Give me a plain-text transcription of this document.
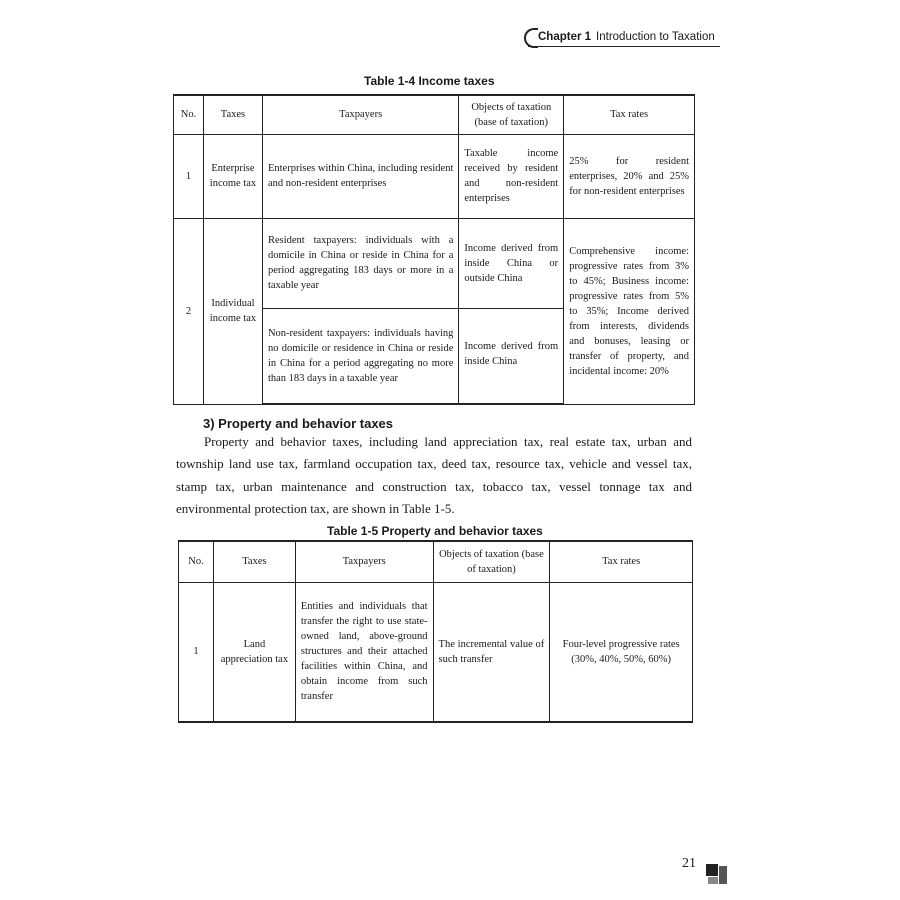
Chapter 1 Introduction to Taxation
Table 1-4 Income taxes
No.	Taxes	Taxpayers	Objects of taxation (base of taxation)	Tax rates
1	Enterprise income tax	Enterprises within China, including resident and non-resident enterprises	Taxable income received by resident and non-resident enterprises	25% for resident enterprises, 20% and 25% for non-resident enterprises
2	Individual income tax	Resident taxpayers: individuals with a domicile in China or reside in China for a period aggregating 183 days or more in a taxable year	Income derived from inside China or outside China	Comprehensive income: progressive rates from 3% to 45%; Business income: progressive rates from 5% to 35%; Income derived from interests, dividends and bonuses, leasing or transfer of property, and incidental income: 20%
		Non-resident taxpayers: individuals having no domicile or residence in China or reside in China for a period aggregating no more than 183 days in a taxable year	Income derived from inside China	
3) Property and behavior taxes
Property and behavior taxes, including land appreciation tax, real estate tax, urban and township land use tax, farmland occupation tax, deed tax, resource tax, vehicle and vessel tax, stamp tax, urban maintenance and construction tax, tobacco tax, vessel tonnage tax and environmental protection tax, are shown in Table 1-5.
Table 1-5 Property and behavior taxes
No.	Taxes	Taxpayers	Objects of taxation (base of taxation)	Tax rates
1	Land appreciation tax	Entities and individuals that transfer the right to use state-owned land, above-ground structures and their attached facilities within China, and obtain income from such transfer	The incremental value of such transfer	Four-level progressive rates (30%, 40%, 50%, 60%)
21
